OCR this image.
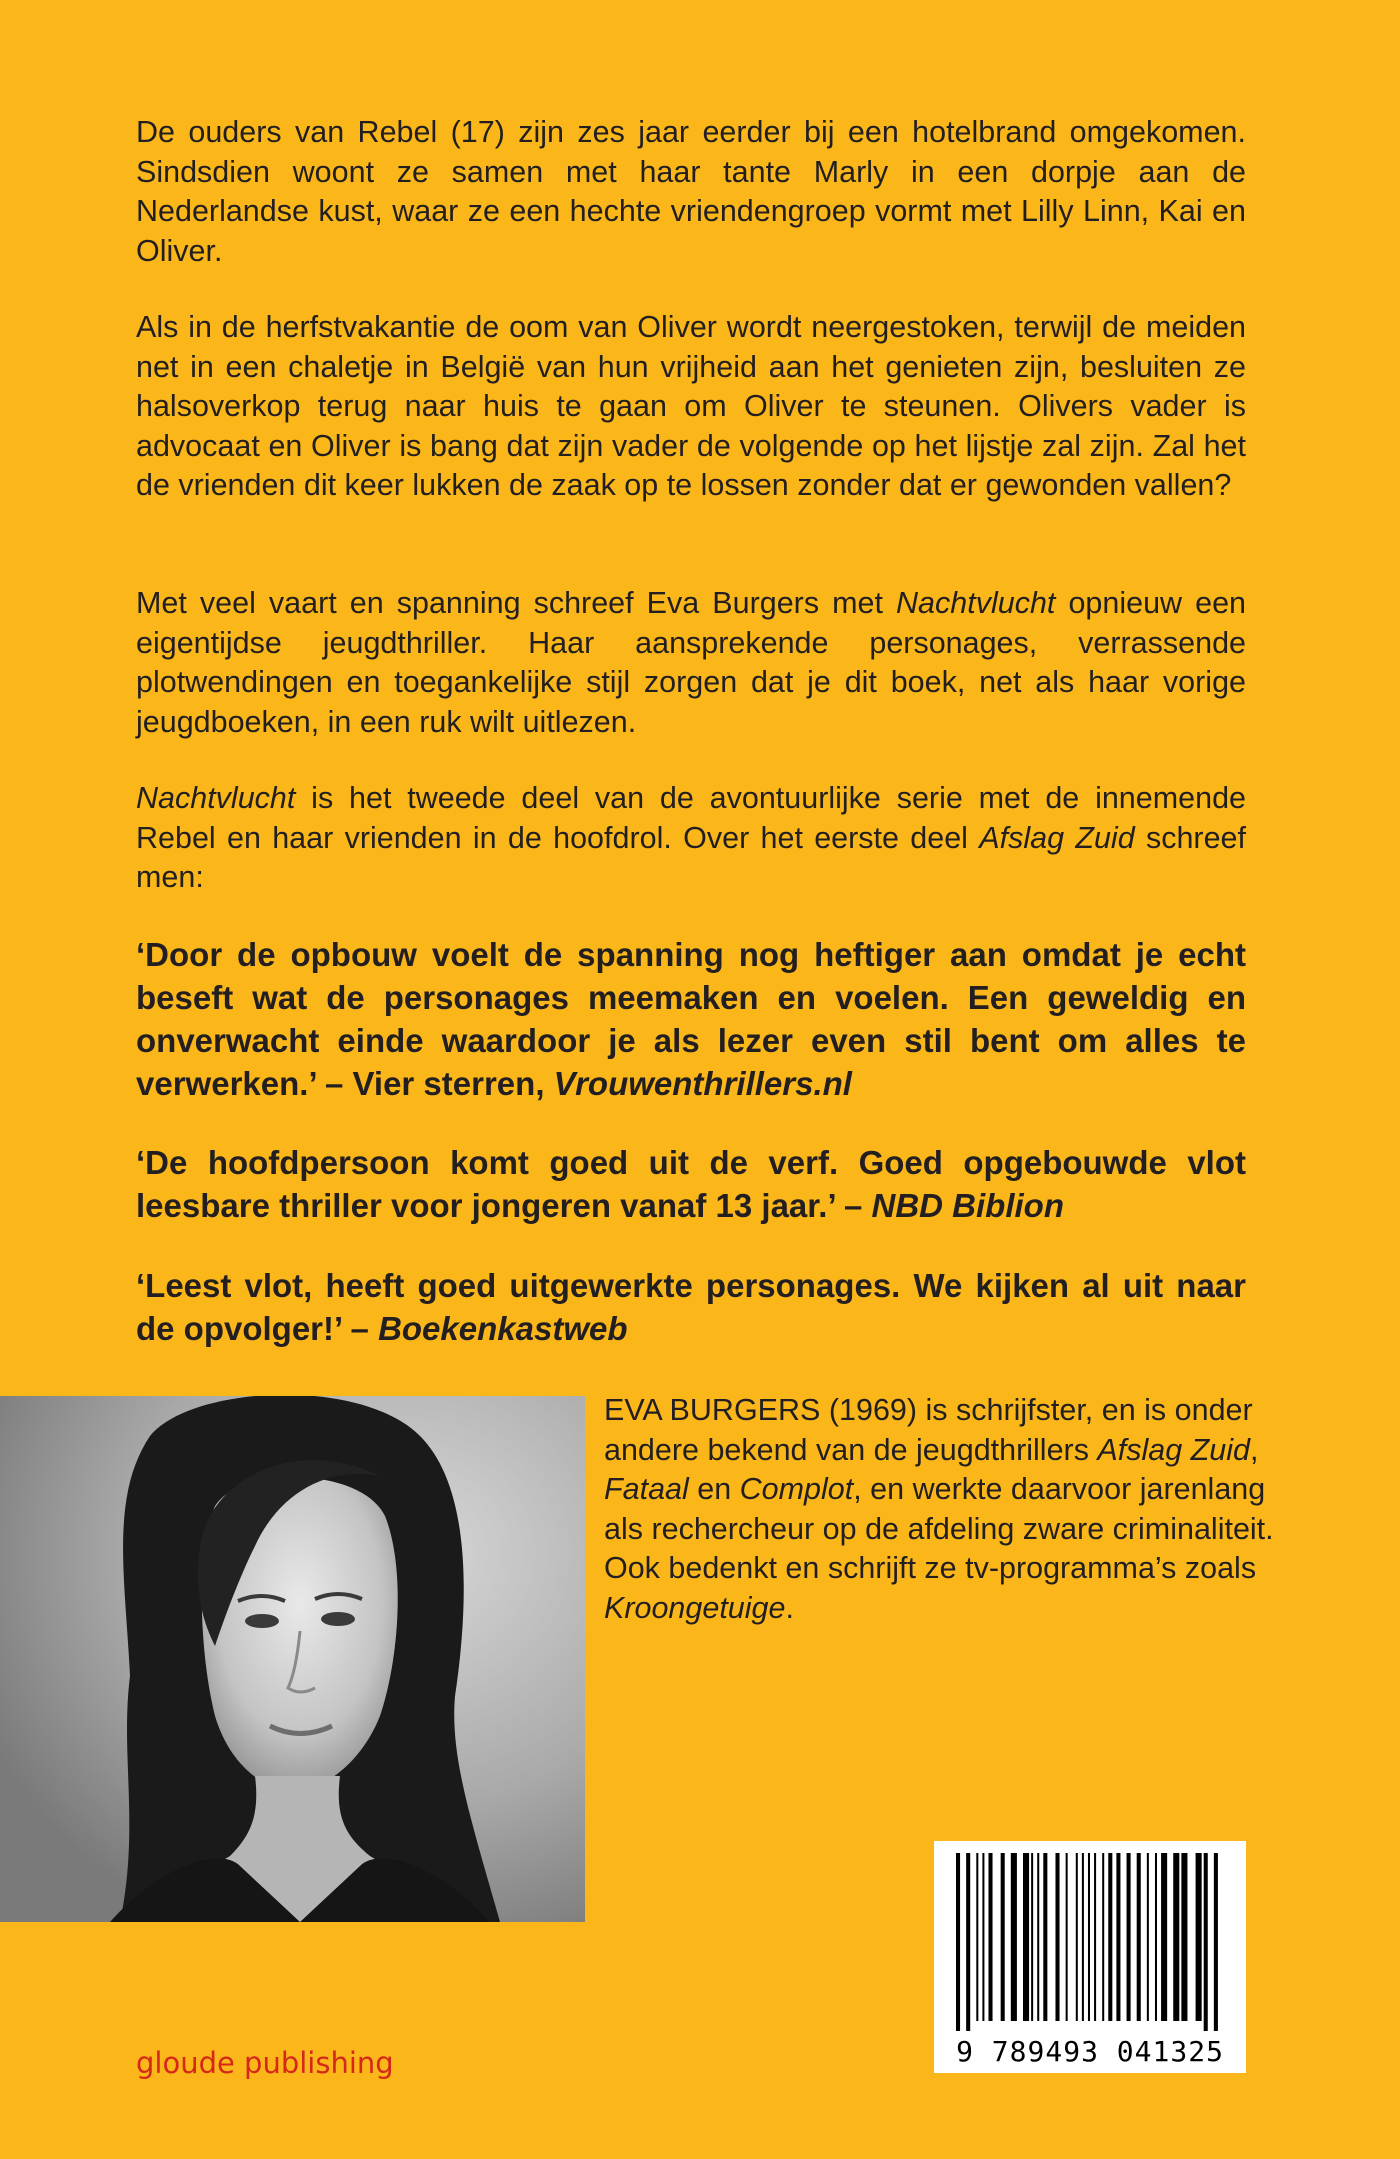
De ouders van Rebel (17) zijn zes jaar eerder bij een hotelbrand omgekomen. Sindsdien woont ze samen met haar tante Marly in een dorpje aan de Nederlandse kust, waar ze een hechte vriendengroep vormt met Lilly Linn, Kai en Oliver.

Als in de herfstvakantie de oom van Oliver wordt neergestoken, terwijl de meiden net in een chaletje in België van hun vrijheid aan het genieten zijn, besluiten ze halsoverkop terug naar huis te gaan om Oliver te steunen. Olivers vader is advocaat en Oliver is bang dat zijn vader de volgende op het lijstje zal zijn. Zal het de vrienden dit keer lukken de zaak op te lossen zonder dat er gewonden vallen?

Met veel vaart en spanning schreef Eva Burgers met Nachtvlucht opnieuw een eigentijdse jeugdthriller. Haar aansprekende personages, verrassende plotwendingen en toegankelijke stijl zorgen dat je dit boek, net als haar vorige jeugdboeken, in een ruk wilt uitlezen.

Nachtvlucht is het tweede deel van de avontuurlijke serie met de innemende Rebel en haar vrienden in de hoofdrol. Over het eerste deel Afslag Zuid schreef men:

‘Door de opbouw voelt de spanning nog heftiger aan omdat je echt beseft wat de personages meemaken en voelen. Een geweldig en onverwacht einde waardoor je als lezer even stil bent om alles te verwerken.’ – Vier sterren, Vrouwenthrillers.nl

‘De hoofdpersoon komt goed uit de verf. Goed opgebouwde vlot leesbare thriller voor jongeren vanaf 13 jaar.’ – NBD Biblion

‘Leest vlot, heeft goed uitgewerkte personages. We kijken al uit naar de opvolger!’ – Boekenkastweb

EVA BURGERS (1969) is schrijfster, en is onder andere bekend van de jeugdthrillers Afslag Zuid, Fataal en Complot, en werkte daarvoor jarenlang als rechercheur op de afdeling zware criminaliteit. Ook bedenkt en schrijft ze tv-programma’s zoals Kroongetuige.

9 789493 041325
gloude publishing
